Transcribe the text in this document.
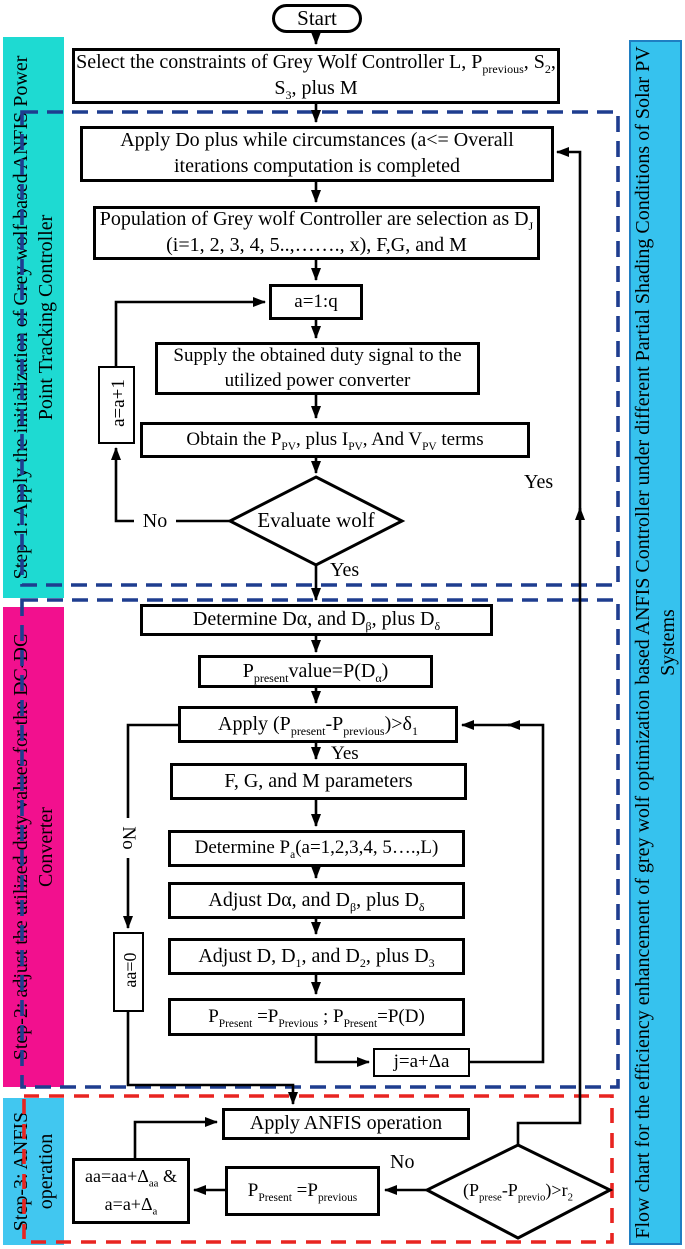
Step-1: Apply the initialization of Grey wolf based ANFIS Power Point Tracking Controller
Step-2: adjust the utilized duty values for the DC-DC Converter
Step-3: ANFIS operation	Flow chart for the efficiency enhancement of grey wolf optimization based ANFIS Controller under different Partial Shading Conditions of Solar PV Systems
Start
Select the constraints of Grey Wolf Controller L, $P_{previous}$, $S_2$, $S_3$, plus M
Apply Do plus while circumstances (a<= Overall iterations computation is completed
Population of Grey wolf Controller are selection as $D_J$ (i=1, 2, 3, 4, 5..,……., x), F,G, and M
a=1:q
Supply the obtained duty signal to the utilized power converter
Obtain the $P_{PV}$, plus $I_{PV}$, And $V_{PV}$ terms
a=a+1
Determine Dα, and $D_\beta$, plus $D_\delta$
$P_{present}value=P(D_\alpha)$
Apply $(P_{present}-P_{previous})>\delta_1$
F, G, and M parameters
Determine $P_a(a=1,2,3,4$, 5….,L)
Adjust Dα, and $D_\beta$, plus $D_\delta$
Adjust D, $D_1$, and $D_2$, plus $D_3$
$P_{Present} =P_{Previous}$ ; $P_{Present}=P(D)$
j=a+Δa
aa=0
Apply ANFIS operation
$aa=aa+\Delta_{aa}$ & $a=a+\Delta_a$
$P_{Present} =P_{previous}$
Evaluate wolf
$(P_{prese}-P_{previo})>r_2$
No
Yes
Yes
Yes
No
No
